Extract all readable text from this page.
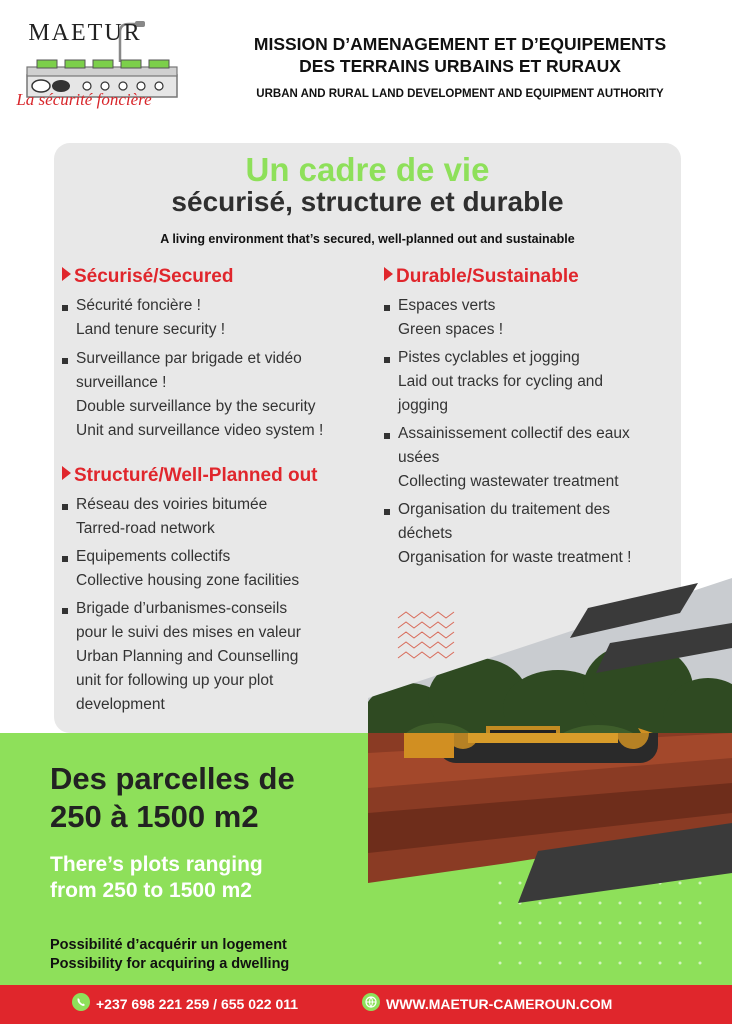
MAETUR
La sécurité foncière
MISSION D’AMENAGEMENT ET D’EQUIPEMENTS
DES TERRAINS URBAINS ET RURAUX
URBAN AND RURAL LAND DEVELOPMENT AND EQUIPMENT AUTHORITY
Un cadre de vie
sécurisé, structure et durable
A living environment that’s secured, well-planned out and sustainable
Sécurisé/Secured
Sécurité foncière !
Land tenure security !
Surveillance par brigade et vidéo
surveillance !
Double surveillance by the security
Unit and surveillance video system !
Structuré/Well-Planned out
Réseau des voiries bitumée
Tarred-road network
Equipements collectifs
Collective housing zone facilities
Brigade d’urbanismes-conseils
pour le suivi des mises en valeur
Urban Planning and Counselling
unit for following up your plot
development
Durable/Sustainable
Espaces verts
Green spaces !
Pistes cyclables et jogging
Laid out tracks for cycling and
jogging
Assainissement collectif des eaux
usées
Collecting wastewater treatment
Organisation du traitement des
déchets
Organisation for waste treatment !
Des parcelles de
250 à 1500 m2
There’s plots ranging
from 250 to 1500 m2
Possibilité d’acquérir un logement
Possibility for acquiring a dwelling
+237 698 221 259 / 655 022 011	WWW.MAETUR-CAMEROUN.COM
